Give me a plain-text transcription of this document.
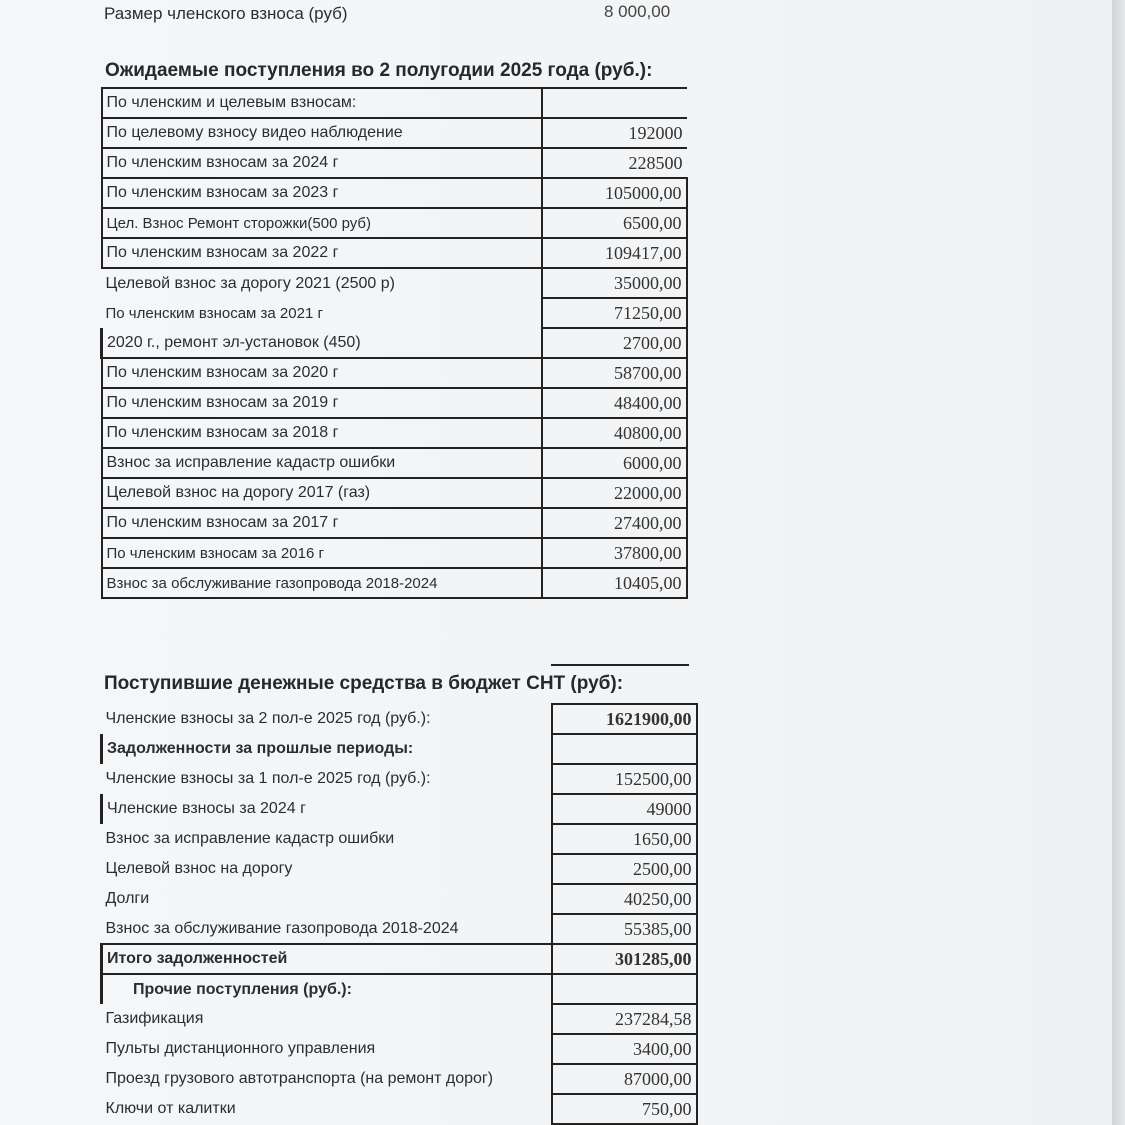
Размер членского взноса (руб)	8 000,00
Ожидаемые поступления во 2 полугодии 2025 года (руб.):
По членским и целевым взносам:	
По целевому взносу видео наблюдение	192000
По членским взносам за 2024 г	228500
По членским взносам за 2023 г	105000,00
Цел. Взнос Ремонт сторожки(500 руб)	6500,00
По членским взносам за 2022 г	109417,00
Целевой взнос за дорогу 2021 (2500 р)	35000,00
По членским взносам за 2021 г	71250,00
2020 г., ремонт эл-установок (450)	2700,00
По членским взносам за 2020 г	58700,00
По членским взносам за 2019 г	48400,00
По членским взносам за 2018 г	40800,00
Взнос за исправление кадастр ошибки	6000,00
Целевой взнос на дорогу 2017 (газ)	22000,00
По членским взносам за 2017 г	27400,00
По членским взносам за 2016 г	37800,00
Взнос за обслуживание газопровода 2018-2024	10405,00
Поступившие денежные средства в бюджет СНТ (руб):
Членские взносы за 2 пол-е 2025 год (руб.):	1621900,00
Задолженности за прошлые периоды:	
Членские взносы за 1 пол-е 2025 год (руб.):	152500,00
Членские взносы за 2024 г	49000
Взнос за исправление кадастр ошибки	1650,00
Целевой взнос на дорогу	2500,00
Долги	40250,00
Взнос за обслуживание газопровода 2018-2024	55385,00
Итого задолженностей	301285,00
Прочие поступления (руб.):	
Газификация	237284,58
Пульты дистанционного управления	3400,00
Проезд грузового автотранспорта (на ремонт дорог)	87000,00
Ключи от калитки	750,00
